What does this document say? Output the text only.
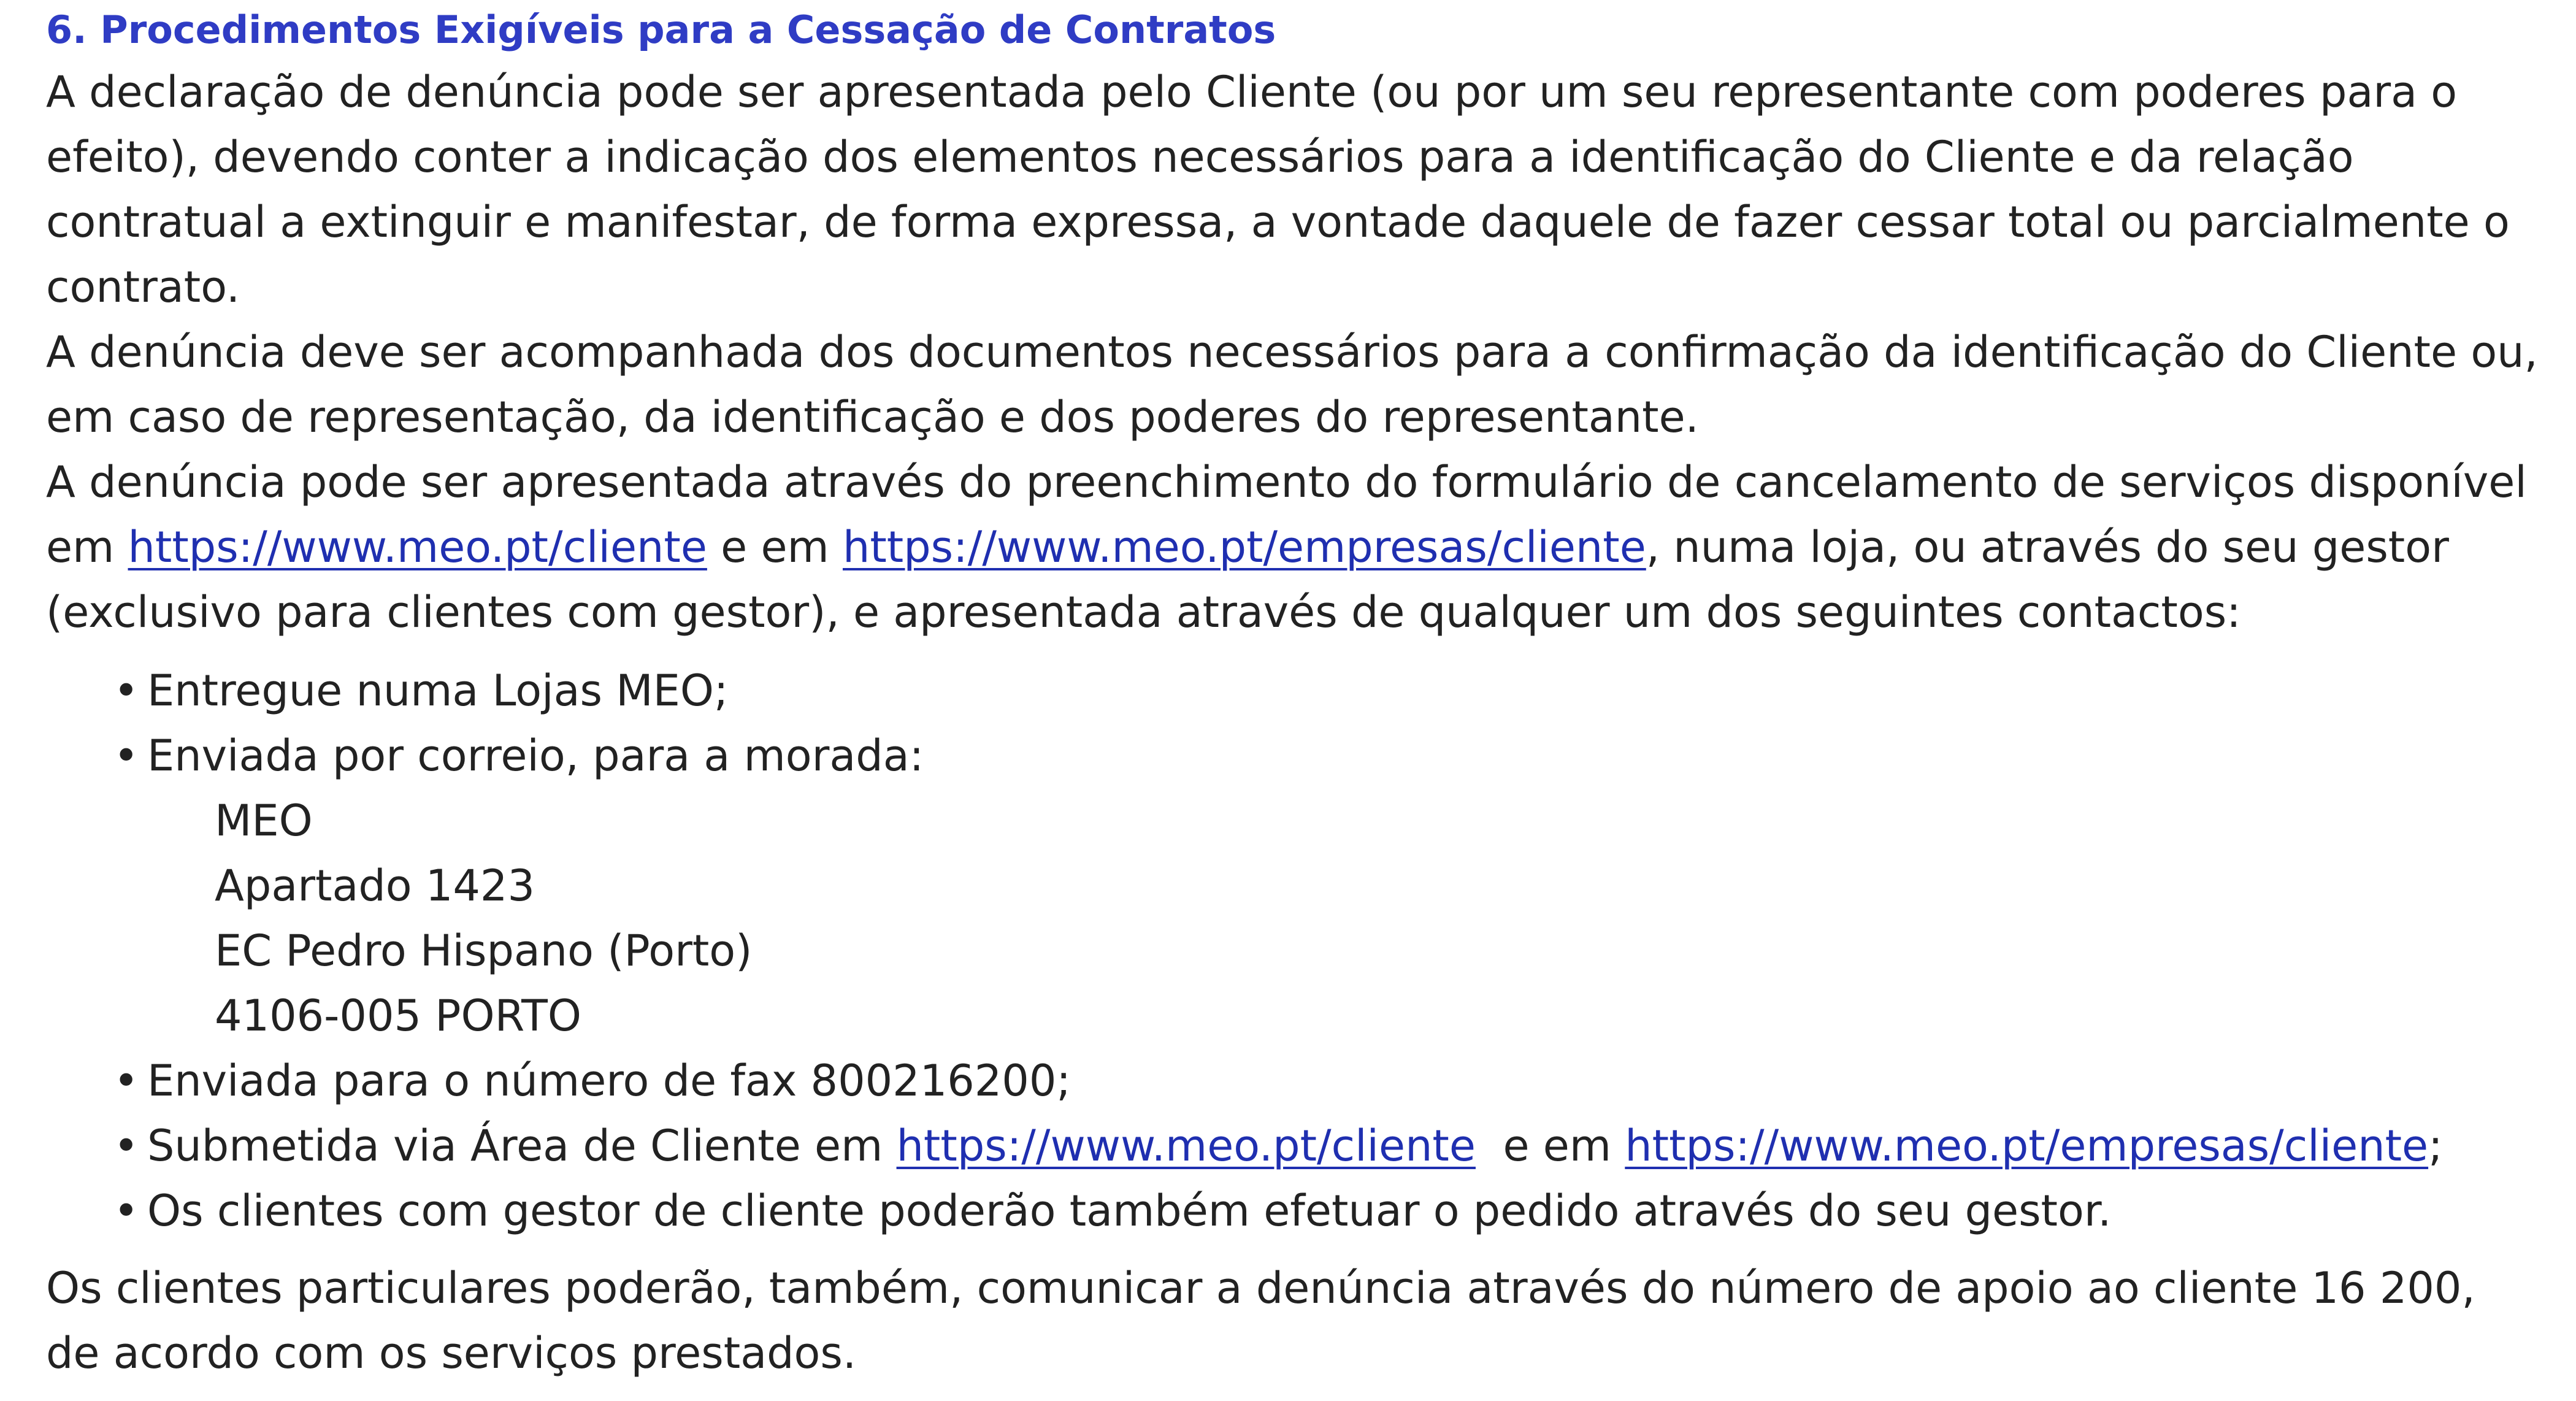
6. Procedimentos Exigíveis para a Cessação de Contratos

A declaração de denúncia pode ser apresentada pelo Cliente (ou por um seu representante com poderes para o efeito), devendo conter a indicação dos elementos necessários para a identificação do Cliente e da relação contratual a extinguir e manifestar, de forma expressa, a vontade daquele de fazer cessar total ou parcialmente o contrato.

A denúncia deve ser acompanhada dos documentos necessários para a confirmação da identificação do Cliente ou, em caso de representação, da identificação e dos poderes do representante.

A denúncia pode ser apresentada através do preenchimento do formulário de cancelamento de serviços disponível em https://www.meo.pt/cliente e em https://www.meo.pt/empresas/cliente, numa loja, ou através do seu gestor (exclusivo para clientes com gestor), e apresentada através de qualquer um dos seguintes contactos:

• Entregue numa Lojas MEO;
• Enviada por correio, para a morada:
MEO
Apartado 1423
EC Pedro Hispano (Porto)
4106-005 PORTO
• Enviada para o número de fax 800216200;
• Submetida via Área de Cliente em https://www.meo.pt/cliente  e em https://www.meo.pt/empresas/cliente;
• Os clientes com gestor de cliente poderão também efetuar o pedido através do seu gestor.

Os clientes particulares poderão, também, comunicar a denúncia através do número de apoio ao cliente 16 200, de acordo com os serviços prestados.
